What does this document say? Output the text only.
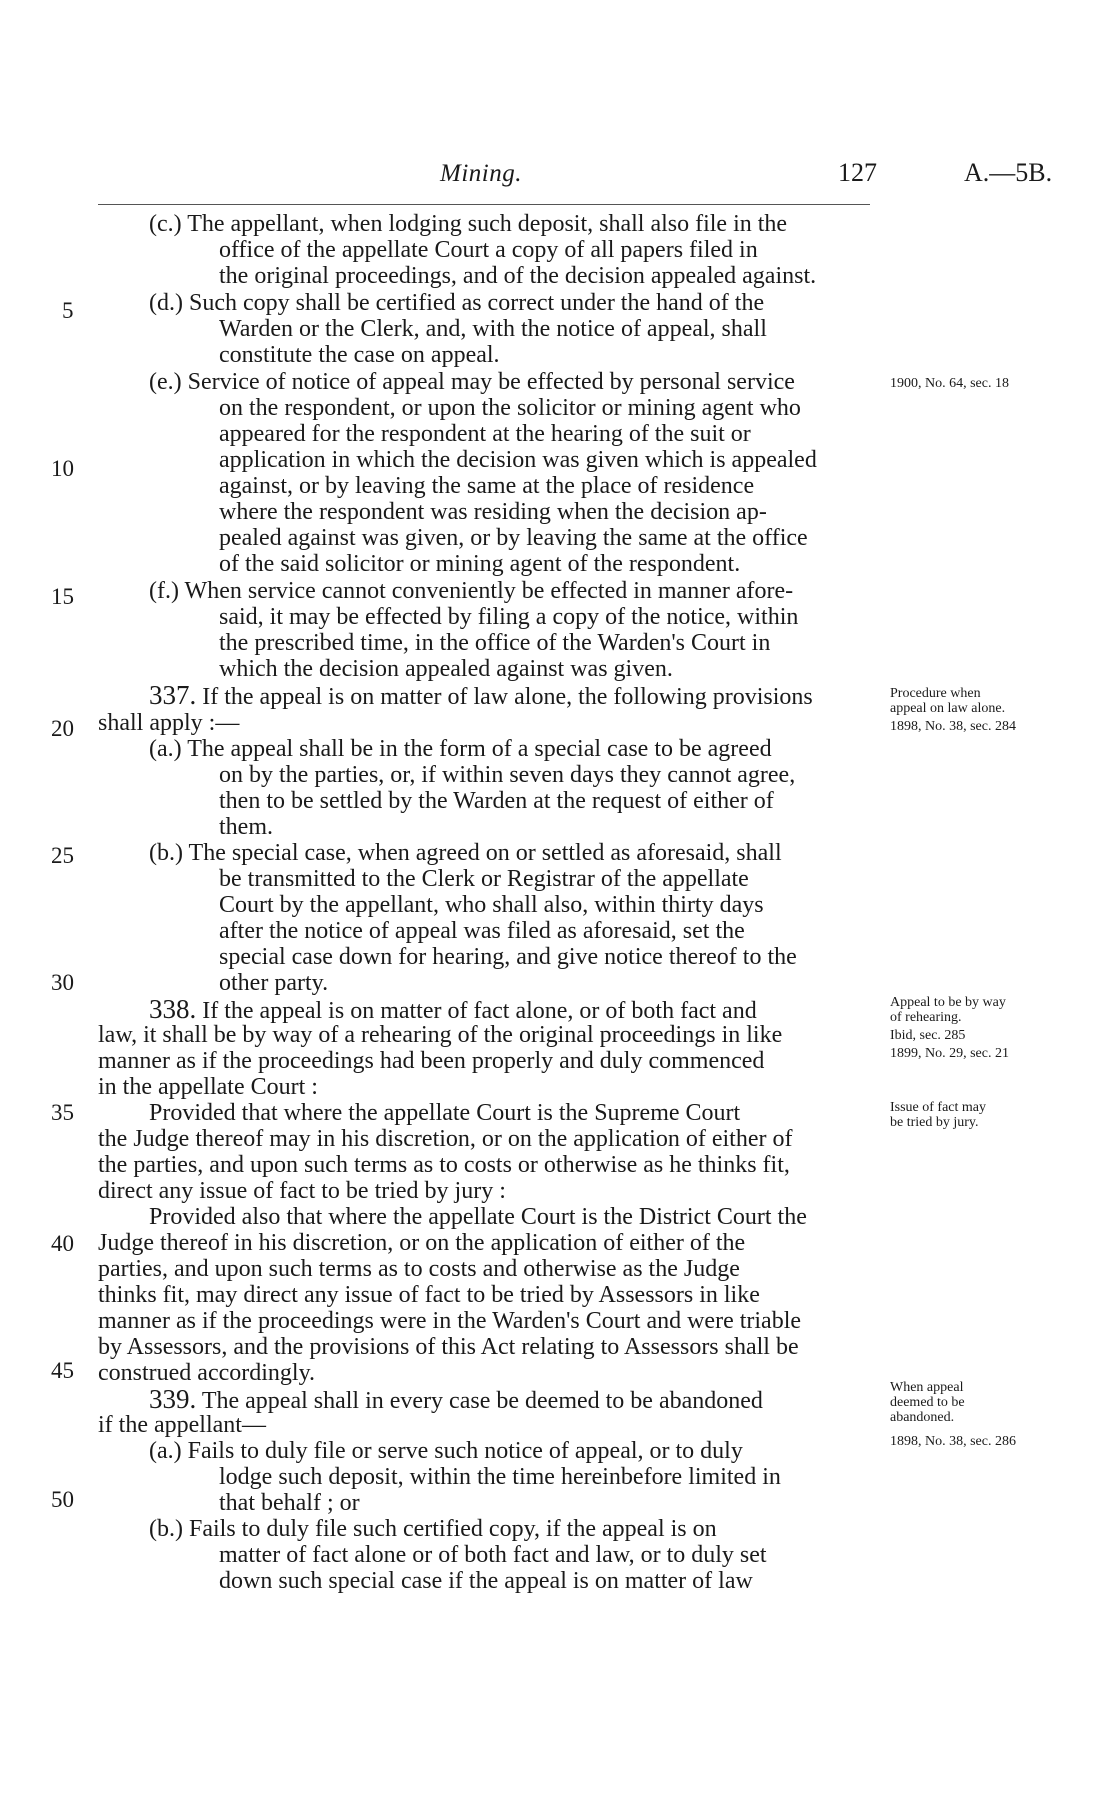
Mining.	127	A.—5B.
5
10
15
20
25
30
35
40
45
50
(c.) The appellant, when lodging such deposit, shall also file in the
office of the appellate Court a copy of all papers filed in
the original proceedings, and of the decision appealed against.
(d.) Such copy shall be certified as correct under the hand of the
Warden or the Clerk, and, with the notice of appeal, shall
constitute the case on appeal.
(e.) Service of notice of appeal may be effected by personal service
on the respondent, or upon the solicitor or mining agent who
appeared for the respondent at the hearing of the suit or
application in which the decision was given which is appealed
against, or by leaving the same at the place of residence
where the respondent was residing when the decision ap-
pealed against was given, or by leaving the same at the office
of the said solicitor or mining agent of the respondent.
(f.) When service cannot conveniently be effected in manner afore-
said, it may be effected by filing a copy of the notice, within
the prescribed time, in the office of the Warden's Court in
which the decision appealed against was given.
337. If the appeal is on matter of law alone, the following provisions
shall apply :—
(a.) The appeal shall be in the form of a special case to be agreed
on by the parties, or, if within seven days they cannot agree,
then to be settled by the Warden at the request of either of
them.
(b.) The special case, when agreed on or settled as aforesaid, shall
be transmitted to the Clerk or Registrar of the appellate
Court by the appellant, who shall also, within thirty days
after the notice of appeal was filed as aforesaid, set the
special case down for hearing, and give notice thereof to the
other party.
338. If the appeal is on matter of fact alone, or of both fact and
law, it shall be by way of a rehearing of the original proceedings in like
manner as if the proceedings had been properly and duly commenced
in the appellate Court :
Provided that where the appellate Court is the Supreme Court
the Judge thereof may in his discretion, or on the application of either of
the parties, and upon such terms as to costs or otherwise as he thinks fit,
direct any issue of fact to be tried by jury :
Provided also that where the appellate Court is the District Court the
Judge thereof in his discretion, or on the application of either of the
parties, and upon such terms as to costs and otherwise as the Judge
thinks fit, may direct any issue of fact to be tried by Assessors in like
manner as if the proceedings were in the Warden's Court and were triable
by Assessors, and the provisions of this Act relating to Assessors shall be
construed accordingly.
339. The appeal shall in every case be deemed to be abandoned
if the appellant—
(a.) Fails to duly file or serve such notice of appeal, or to duly
lodge such deposit, within the time hereinbefore limited in
that behalf ; or
(b.) Fails to duly file such certified copy, if the appeal is on
matter of fact alone or of both fact and law, or to duly set
down such special case if the appeal is on matter of law
1900, No. 64, sec. 18
Procedure when
appeal on law alone.
1898, No. 38, sec. 284
Appeal to be by way
of rehearing.
Ibid, sec. 285
1899, No. 29, sec. 21
Issue of fact may
be tried by jury.
When appeal
deemed to be
abandoned.
1898, No. 38, sec. 286
